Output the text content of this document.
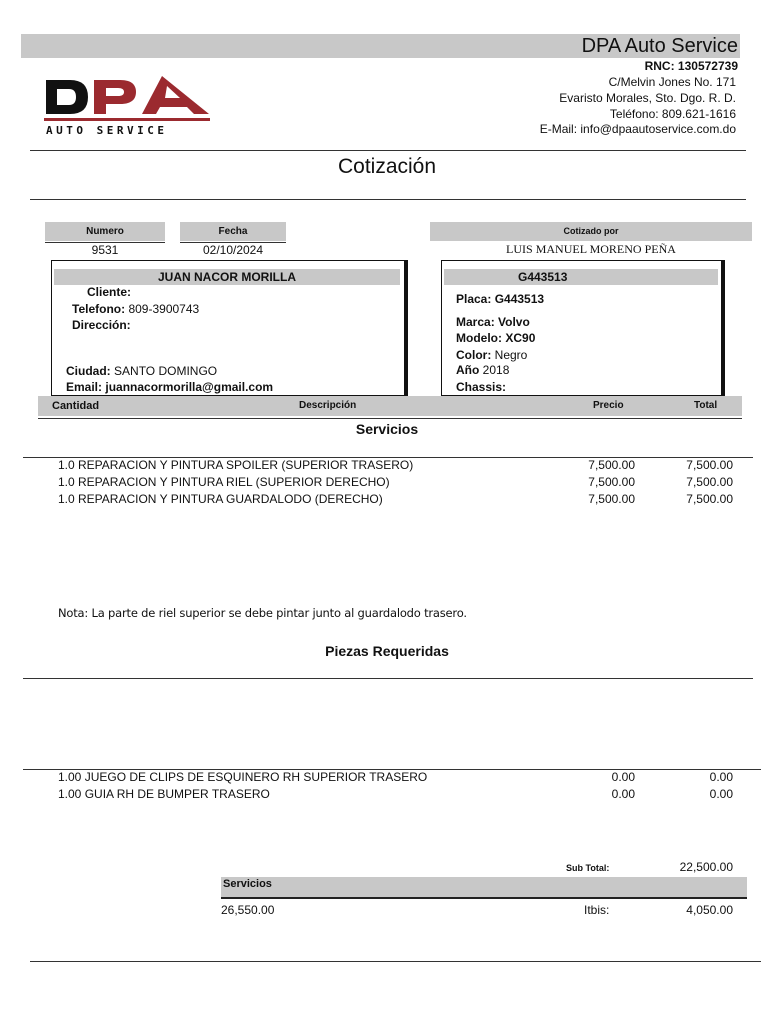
DPA Auto Service
RNC: 130572739
C/Melvin Jones No. 171
Evaristo Morales, Sto. Dgo. R. D.
Teléfono: 809.621-1616
E-Mail: info@dpaautoservice.com.do
AUTO SERVICE
Cotización
Numero
9531
Fecha
02/10/2024
Cotizado por
LUIS MANUEL MORENO PEÑA
JUAN NACOR MORILLA
Cliente:
Telefono: 809-3900743
Dirección:
Ciudad: SANTO DOMINGO
Email: juannacormorilla@gmail.com
G443513
Placa: G443513
Marca: Volvo
Modelo: XC90
Color: Negro
Año 2018
Chassis:
Cantidad	Descripción	Precio	Total
Servicios
1.0 REPARACION Y PINTURA SPOILER (SUPERIOR TRASERO)	7,500.00	7,500.00
1.0 REPARACION Y PINTURA RIEL (SUPERIOR DERECHO)	7,500.00	7,500.00
1.0 REPARACION Y PINTURA GUARDALODO (DERECHO)	7,500.00	7,500.00
Nota: La parte de riel superior se debe pintar junto al guardalodo trasero.
Piezas Requeridas
1.00 JUEGO DE CLIPS DE ESQUINERO RH SUPERIOR TRASERO	0.00	0.00
1.00 GUIA RH DE BUMPER TRASERO	0.00	0.00
Sub Total:	22,500.00
Servicios
26,550.00	Itbis:	4,050.00
